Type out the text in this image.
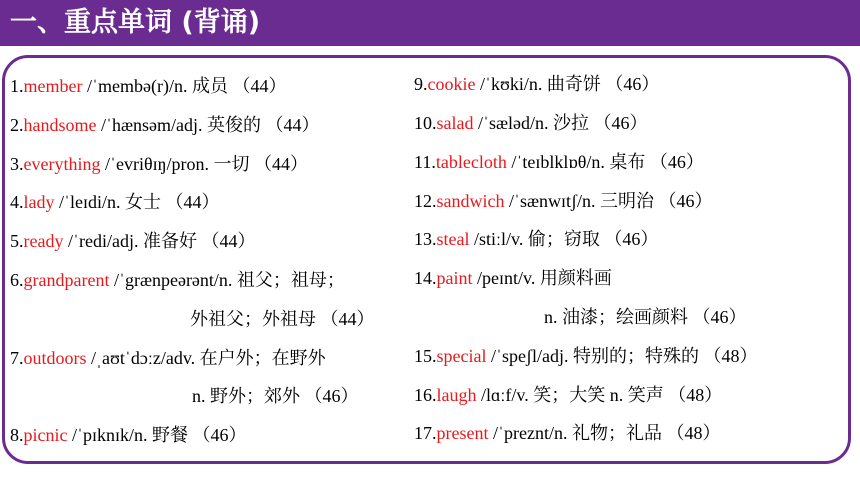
一、重点单词 (背诵)
1.member /ˈmembə(r)/n. 成员 （44）
2.handsome /ˈhænsəm/adj. 英俊的 （44）
3.everything /ˈevriθɪŋ/pron. 一切 （44）
4.lady /ˈleɪdi/n. 女士 （44）
5.ready /ˈredi/adj. 准备好 （44）
6.grandparent /ˈgrænpeərənt/n. 祖父；祖母；
外祖父；外祖母 （44）
7.outdoors /ˌaʊtˈdɔːz/adv. 在户外；在野外
n. 野外；郊外 （46）
8.picnic /ˈpɪknɪk/n. 野餐 （46）
9.cookie /ˈkʊki/n. 曲奇饼 （46）
10.salad /ˈsæləd/n. 沙拉 （46）
11.tablecloth /ˈteɪblklɒθ/n. 桌布 （46）
12.sandwich /ˈsænwɪtʃ/n. 三明治 （46）
13.steal /stiːl/v. 偷；窃取 （46）
14.paint /peɪnt/v. 用颜料画
n. 油漆；绘画颜料 （46）
15.special /ˈspeʃl/adj. 特别的；特殊的 （48）
16.laugh /lɑːf/v. 笑；大笑 n. 笑声 （48）
17.present /ˈpreznt/n. 礼物；礼品 （48）
